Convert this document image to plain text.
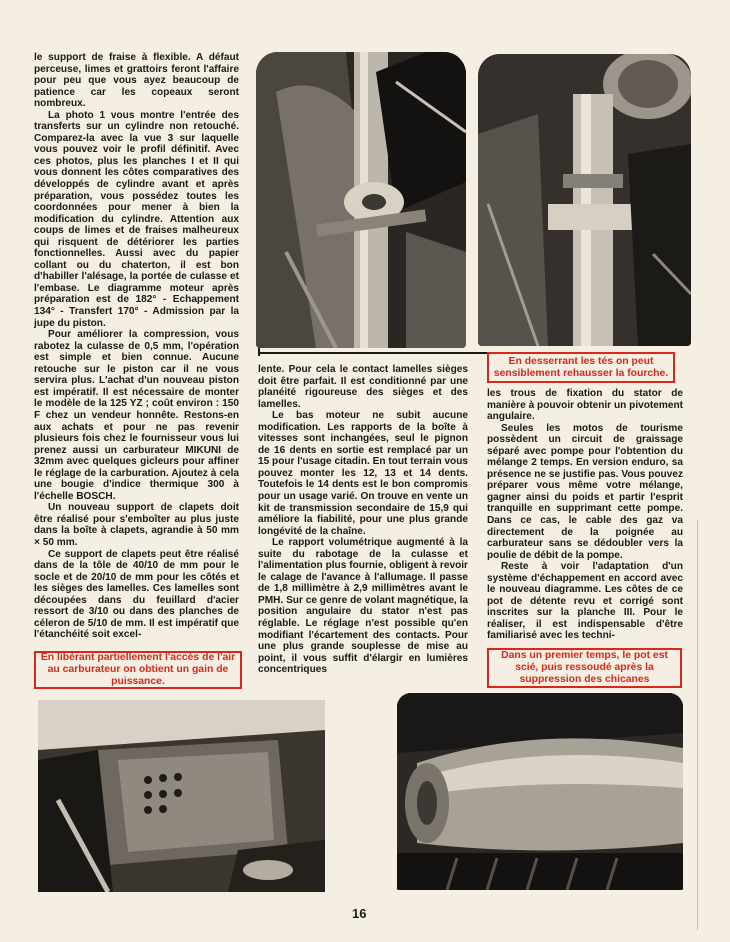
le support de fraise à flexible. A défaut perceuse, limes et grattoirs feront l'affaire pour peu que vous ayez beaucoup de patience car les copeaux seront nombreux.

La photo 1 vous montre l'entrée des transferts sur un cylindre non retouché. Comparez-la avec la vue 3 sur laquelle vous pouvez voir le profil définitif. Avec ces photos, plus les planches I et II qui vous donnent les côtes comparatives des développés de cylindre avant et après préparation, vous possédez toutes les coordonnées pour mener à bien la modification du cylindre. Attention aux coups de limes et de fraises malheureux qui risquent de détériorer les parties fonctionnelles. Aussi avec du papier collant ou du chaterton, il est bon d'habiller l'alésage, la portée de culasse et l'embase. Le diagramme moteur après préparation est de 182° - Echappement 134° - Transfert 170° - Admission par la jupe du piston.

Pour améliorer la compression, vous rabotez la culasse de 0,5 mm, l'opération est simple et bien connue. Aucune retouche sur le piston car il ne vous servira plus. L'achat d'un nouveau piston est impératif. Il est nécessaire de monter le modèle de la 125 YZ ; coût environ : 150 F chez un vendeur honnête. Restons-en aux achats et pour ne pas revenir plusieurs fois chez le fournisseur vous lui prenez aussi un carburateur MIKUNI de 32mm avec quelques gicleurs pour affiner le réglage de la carburation. Ajoutez à cela une bougie d'indice thermique 300 à l'échelle BOSCH.

Un nouveau support de clapets doit être réalisé pour s'emboîter au plus juste dans la boîte à clapets, agrandie à 50 mm × 50 mm.

Ce support de clapets peut être réalisé dans de la tôle de 40/10 de mm pour le socle et de 20/10 de mm pour les côtés et les sièges des lamelles. Ces lamelles sont découpées dans du feuillard d'acier ressort de 3/10 ou dans des planches de céleron de 5/10 de mm. Il est impératif que l'étanchéité soit excel-

En desserrant les tés on peut sensiblement rehausser la fourche.

lente. Pour cela le contact lamelles sièges doit être parfait. Il est conditionné par une planéité rigoureuse des sièges et des lamelles.

Le bas moteur ne subit aucune modification. Les rapports de la boîte à vitesses sont inchangées, seul le pignon de 16 dents en sortie est remplacé par un 15 pour l'usage citadin. En tout terrain vous pouvez monter les 12, 13 et 14 dents. Toutefois le 14 dents est le bon compromis pour un usage varié. On trouve en vente un kit de transmission secondaire de 15,9 qui améliore la fiabilité, pour une plus grande longévité de la chaîne.

Le rapport volumétrique augmenté à la suite du rabotage de la culasse et l'alimentation plus fournie, obligent à revoir le calage de l'avance à l'allumage. Il passe de 1,8 millimètre à 2,9 millimètres avant le PMH. Sur ce genre de volant magnétique, la position angulaire du stator n'est pas réglable. Le réglage n'est possible qu'en modifiant l'écartement des contacts. Pour une plus grande souplesse de mise au point, il vous suffit d'élargir en lumières concentriques

les trous de fixation du stator de manière à pouvoir obtenir un pivotement angulaire.

Seules les motos de tourisme possèdent un circuit de graissage séparé avec pompe pour l'obtention du mélange 2 temps. En version enduro, sa présence ne se justifie pas. Vous pouvez préparer vous même votre mélange, gagner ainsi du poids et partir l'esprit tranquille en supprimant cette pompe. Dans ce cas, le cable des gaz va directement de la poignée au carburateur sans se dédoubler vers la poulie de débit de la pompe.

Reste à voir l'adaptation d'un système d'échappement en accord avec le nouveau diagramme. Les côtes de ce pot de détente revu et corrigé sont inscrites sur la planche III. Pour le réaliser, il est indispensable d'être familiarisé avec les techni-

En libérant partiellement l'accès de l'air au carburateur on obtient un gain de puissance.
Dans un premier temps, le pot est scié, puis ressoudé après la suppression des chicanes
16
